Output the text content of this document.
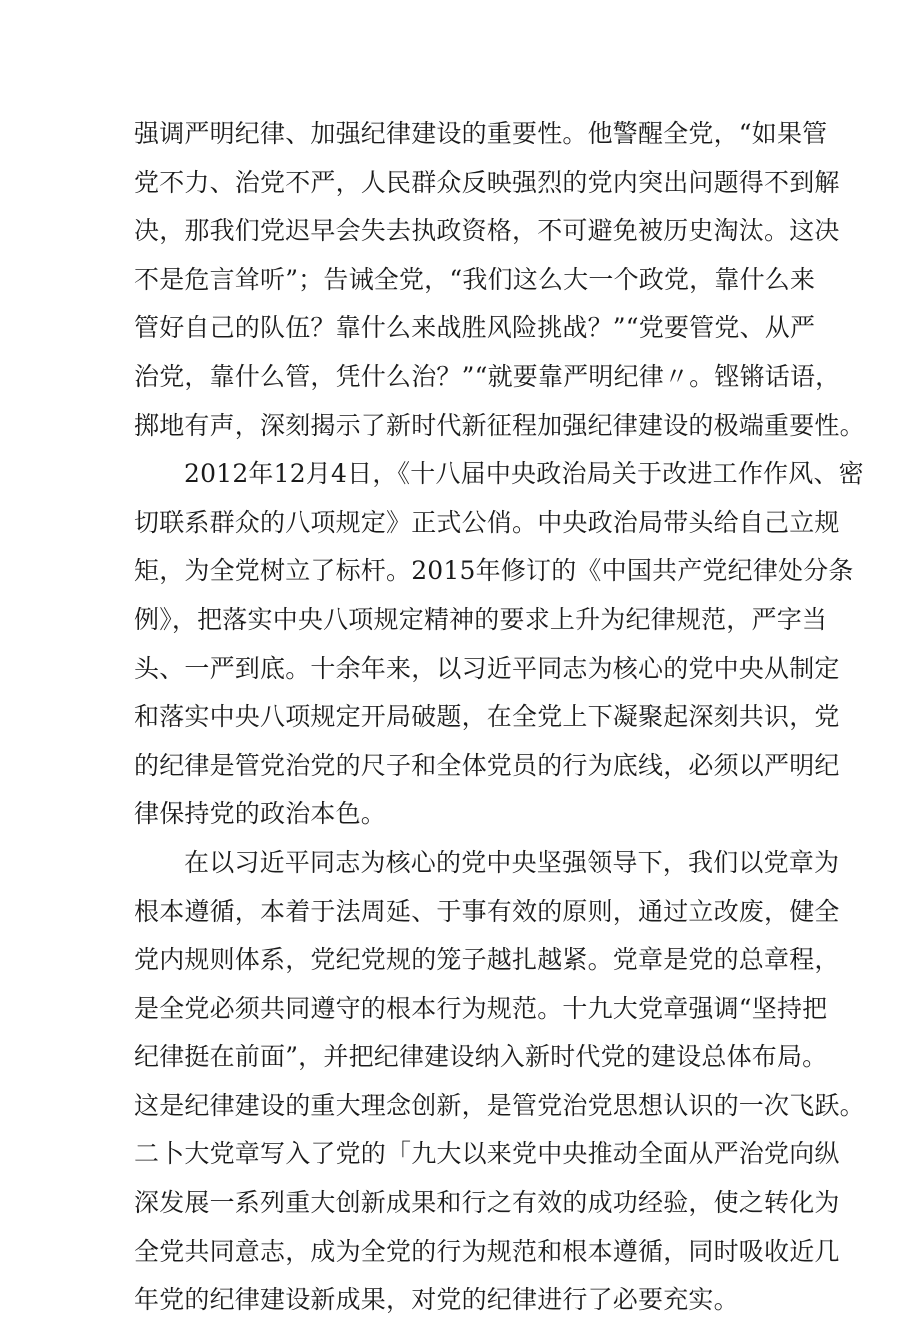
强调严明纪律、加强纪律建设的重要性。他警醒全党，“如果管
党不力、治党不严，人民群众反映强烈的党内突出问题得不到解
决，那我们党迟早会失去执政资格，不可避免被历史淘汰。这决
不是危言耸听”；告诫全党，“我们这么大一个政党，靠什么来
管好自己的队伍？靠什么来战胜风险挑战？”“党要管党、从严
治党，靠什么管，凭什么治？”“就要靠严明纪律〃。铿锵话语，
掷地有声，深刻揭示了新时代新征程加强纪律建设的极端重要性。
2012年12月4日，《十八届中央政治局关于改进工作作风、密
切联系群众的八项规定》正式公俏。中央政治局带头给自己立规
矩，为全党树立了标杆。2015年修订的《中国共产党纪律处分条
例》，把落实中央八项规定精神的要求上升为纪律规范，严字当
头、一严到底。十余年来，以习近平同志为核心的党中央从制定
和落实中央八项规定开局破题，在全党上下凝聚起深刻共识，党
的纪律是管党治党的尺子和全体党员的行为底线，必须以严明纪
律保持党的政治本色。
在以习近平同志为核心的党中央坚强领导下，我们以党章为
根本遵循，本着于法周延、于事有效的原则，通过立改废，健全
党内规则体系，党纪党规的笼子越扎越紧。党章是党的总章程，
是全党必须共同遵守的根本行为规范。十九大党章强调“坚持把
纪律挺在前面”，并把纪律建设纳入新时代党的建设总体布局。
这是纪律建设的重大理念创新，是管党治党思想认识的一次飞跃。
二卜大党章写入了党的「九大以来党中央推动全面从严治党向纵
深发展一系列重大创新成果和行之有效的成功经验，使之转化为
全党共同意志，成为全党的行为规范和根本遵循，同时吸收近几
年党的纪律建设新成果，对党的纪律进行了必要充实。
